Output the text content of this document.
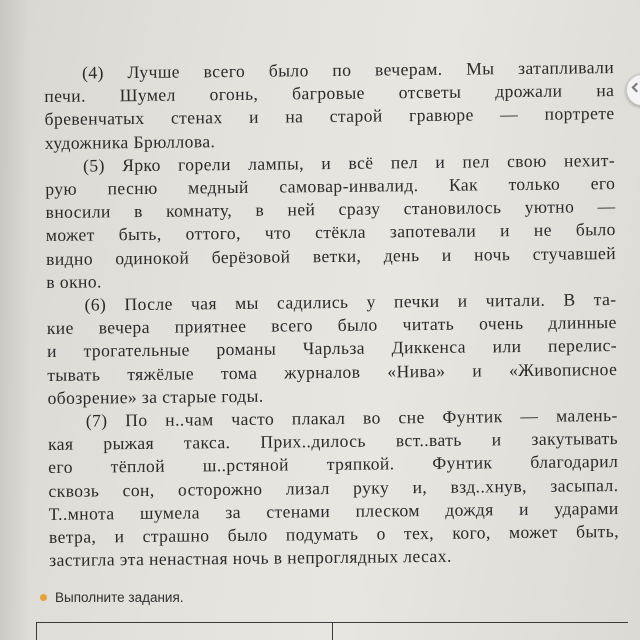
(4) Лучше всего было по вечерам. Мы затапливали
печи. Шумел огонь, багровые отсветы дрожали на
бревенчатых стенах и на старой гравюре — портрете
художника Брюллова.

(5) Ярко горели лампы, и всё пел и пел свою нехит-
рую песню медный самовар-инвалид. Как только его
вносили в комнату, в ней сразу становилось уютно —
может быть, оттого, что стёкла запотевали и не было
видно одинокой берёзовой ветки, день и ночь стучавшей
в окно.

(6) После чая мы садились у печки и читали. В та-
кие вечера приятнее всего было читать очень длинные
и трогательные романы Чарльза Диккенса или перелис-
тывать тяжёлые тома журналов «Нива» и «Живописное
обозрение» за старые годы.

(7) По н..чам часто плакал во сне Фунтик — малень-
кая рыжая такса. Прих..дилось вст..вать и закутывать
его тёплой ш..рстяной тряпкой. Фунтик благодарил
сквозь сон, осторожно лизал руку и, взд..хнув, засыпал.
Т..мнота шумела за стенами плеском дождя и ударами
ветра, и страшно было подумать о тех, кого, может быть,
застигла эта ненастная ночь в непроглядных лесах.

Выполните задания.
